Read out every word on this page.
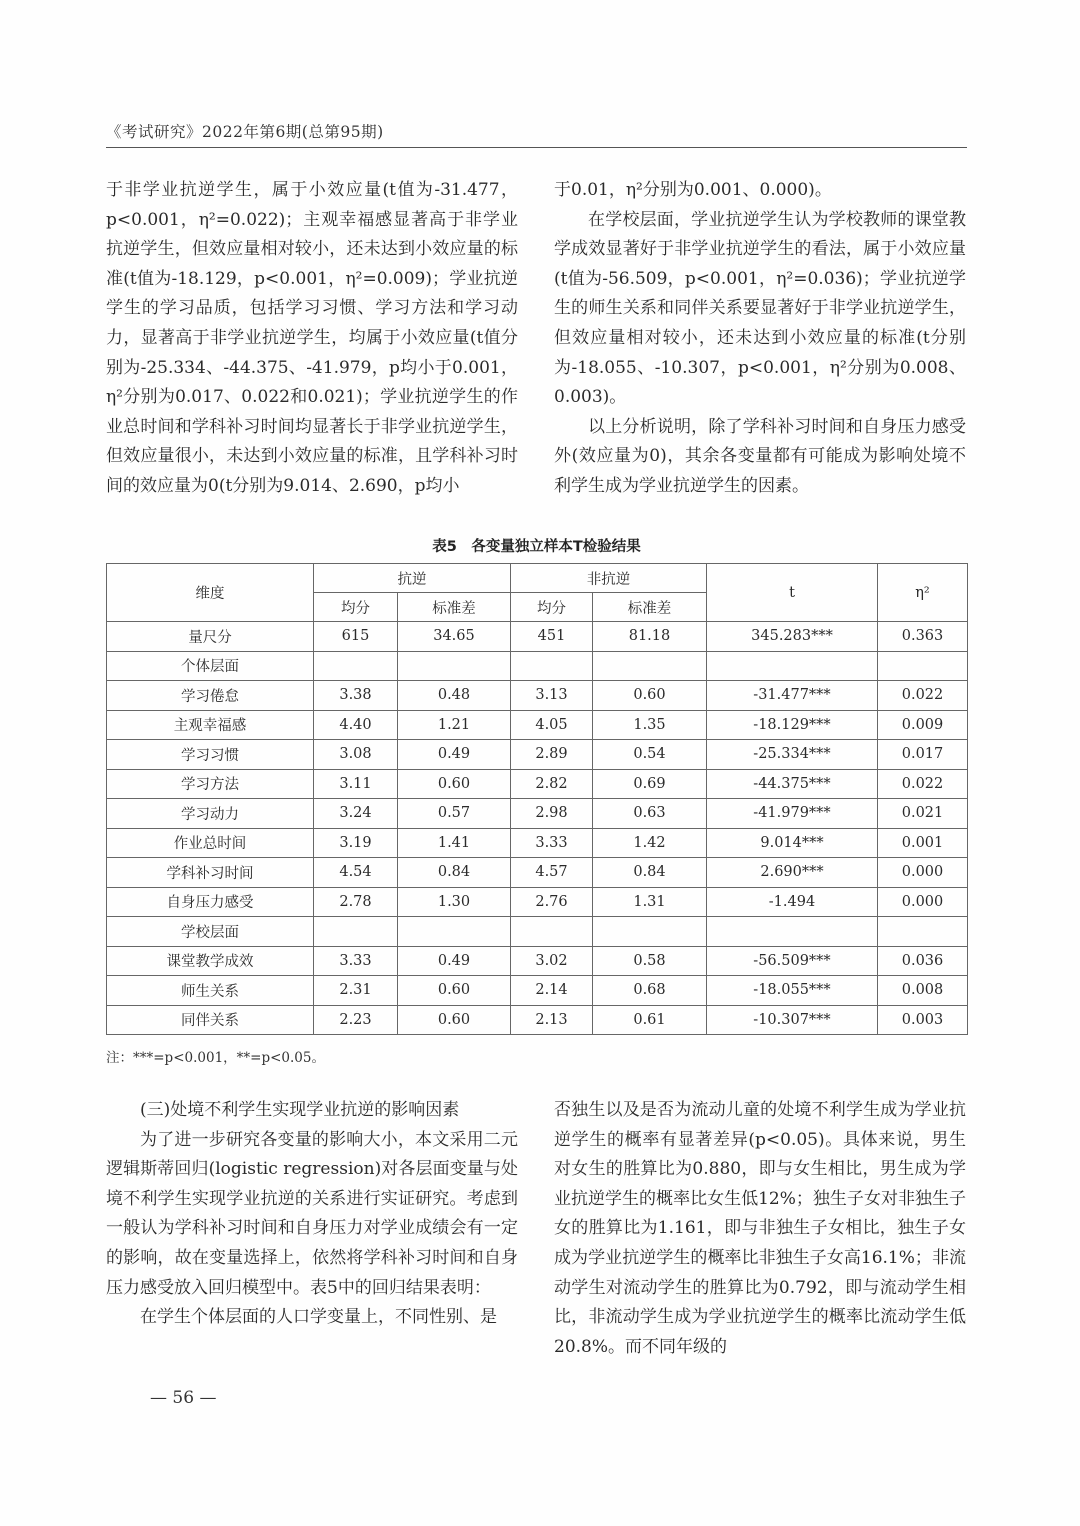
《考试研究》2022年第6期(总第95期)

于非学业抗逆学生，属于小效应量(t值为-31.477，p<0.001，η²=0.022)；主观幸福感显著高于非学业抗逆学生，但效应量相对较小，还未达到小效应量的标准(t值为-18.129，p<0.001，η²=0.009)；学业抗逆学生的学习品质，包括学习习惯、学习方法和学习动力，显著高于非学业抗逆学生，均属于小效应量(t值分别为-25.334、-44.375、-41.979，p均小于0.001，η²分别为0.017、0.022和0.021)；学业抗逆学生的作业总时间和学科补习时间均显著长于非学业抗逆学生，但效应量很小，未达到小效应量的标准，且学科补习时间的效应量为0(t分别为9.014、2.690，p均小

于0.01，η²分别为0.001、0.000)。

在学校层面，学业抗逆学生认为学校教师的课堂教学成效显著好于非学业抗逆学生的看法，属于小效应量(t值为-56.509，p<0.001，η²=0.036)；学业抗逆学生的师生关系和同伴关系要显著好于非学业抗逆学生，但效应量相对较小，还未达到小效应量的标准(t分别为-18.055、-10.307，p<0.001，η²分别为0.008、0.003)。

以上分析说明，除了学科补习时间和自身压力感受外(效应量为0)，其余各变量都有可能成为影响处境不利学生成为学业抗逆学生的因素。

表5　各变量独立样本T检验结果
维度	抗逆		非抗逆		t	η²
	均分	标准差	均分	标准差		
量尺分	615	34.65	451	81.18	345.283***	0.363
个体层面						
学习倦怠	3.38	0.48	3.13	0.60	-31.477***	0.022
主观幸福感	4.40	1.21	4.05	1.35	-18.129***	0.009
学习习惯	3.08	0.49	2.89	0.54	-25.334***	0.017
学习方法	3.11	0.60	2.82	0.69	-44.375***	0.022
学习动力	3.24	0.57	2.98	0.63	-41.979***	0.021
作业总时间	3.19	1.41	3.33	1.42	9.014***	0.001
学科补习时间	4.54	0.84	4.57	0.84	2.690***	0.000
自身压力感受	2.78	1.30	2.76	1.31	-1.494	0.000
学校层面						
课堂教学成效	3.33	0.49	3.02	0.58	-56.509***	0.036
师生关系	2.31	0.60	2.14	0.68	-18.055***	0.008
同伴关系	2.23	0.60	2.13	0.61	-10.307***	0.003
注：***=p<0.001，**=p<0.05。

(三)处境不利学生实现学业抗逆的影响因素

为了进一步研究各变量的影响大小，本文采用二元逻辑斯蒂回归(logistic regression)对各层面变量与处境不利学生实现学业抗逆的关系进行实证研究。考虑到一般认为学科补习时间和自身压力对学业成绩会有一定的影响，故在变量选择上，依然将学科补习时间和自身压力感受放入回归模型中。表5中的回归结果表明：

在学生个体层面的人口学变量上，不同性别、是

否独生以及是否为流动儿童的处境不利学生成为学业抗逆学生的概率有显著差异(p<0.05)。具体来说，男生对女生的胜算比为0.880，即与女生相比，男生成为学业抗逆学生的概率比女生低12%；独生子女对非独生子女的胜算比为1.161，即与非独生子女相比，独生子女成为学业抗逆学生的概率比非独生子女高16.1%；非流动学生对流动学生的胜算比为0.792，即与流动学生相比，非流动学生成为学业抗逆学生的概率比流动学生低20.8%。而不同年级的

— 56 —
